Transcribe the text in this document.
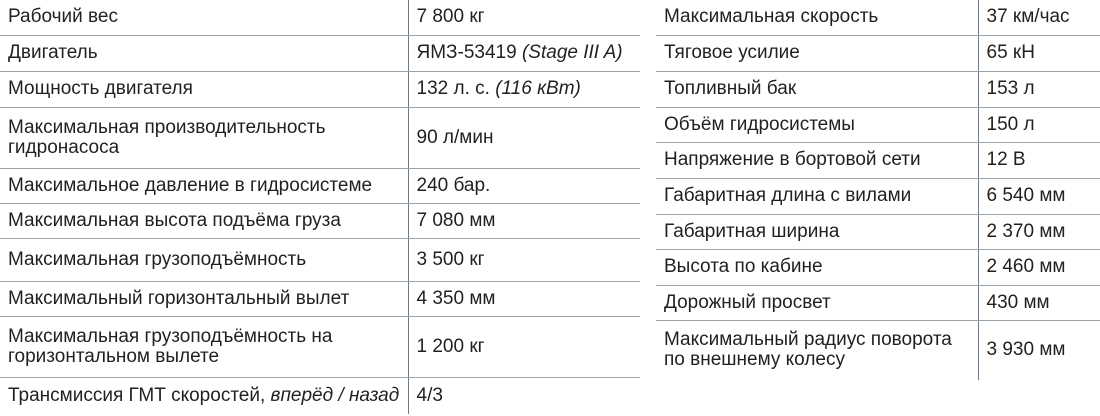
Рабочий вес	7 800 кг
Двигатель	ЯМЗ-53419 (Stage III A)
Мощность двигателя	132 л. с. (116 кВт)
Максимальная производительность гидронасоса	90 л/мин
Максимальное давление в гидросистеме	240 бар.
Максимальная высота подъёма груза	7 080 мм
Максимальная грузоподъёмность	3 500 кг
Максимальный горизонтальный вылет	4 350 мм
Максимальная грузоподъёмность на горизонтальном вылете	1 200 кг
Трансмиссия ГМТ скоростей, вперёд / назад	4/3
Максимальная скорость	37 км/час
Тяговое усилие	65 кН
Топливный бак	153 л
Объём гидросистемы	150 л
Напряжение в бортовой сети	12 В
Габаритная длина с вилами	6 540 мм
Габаритная ширина	2 370 мм
Высота по кабине	2 460 мм
Дорожный просвет	430 мм
Максимальный радиус поворота по внешнему колесу	3 930 мм
